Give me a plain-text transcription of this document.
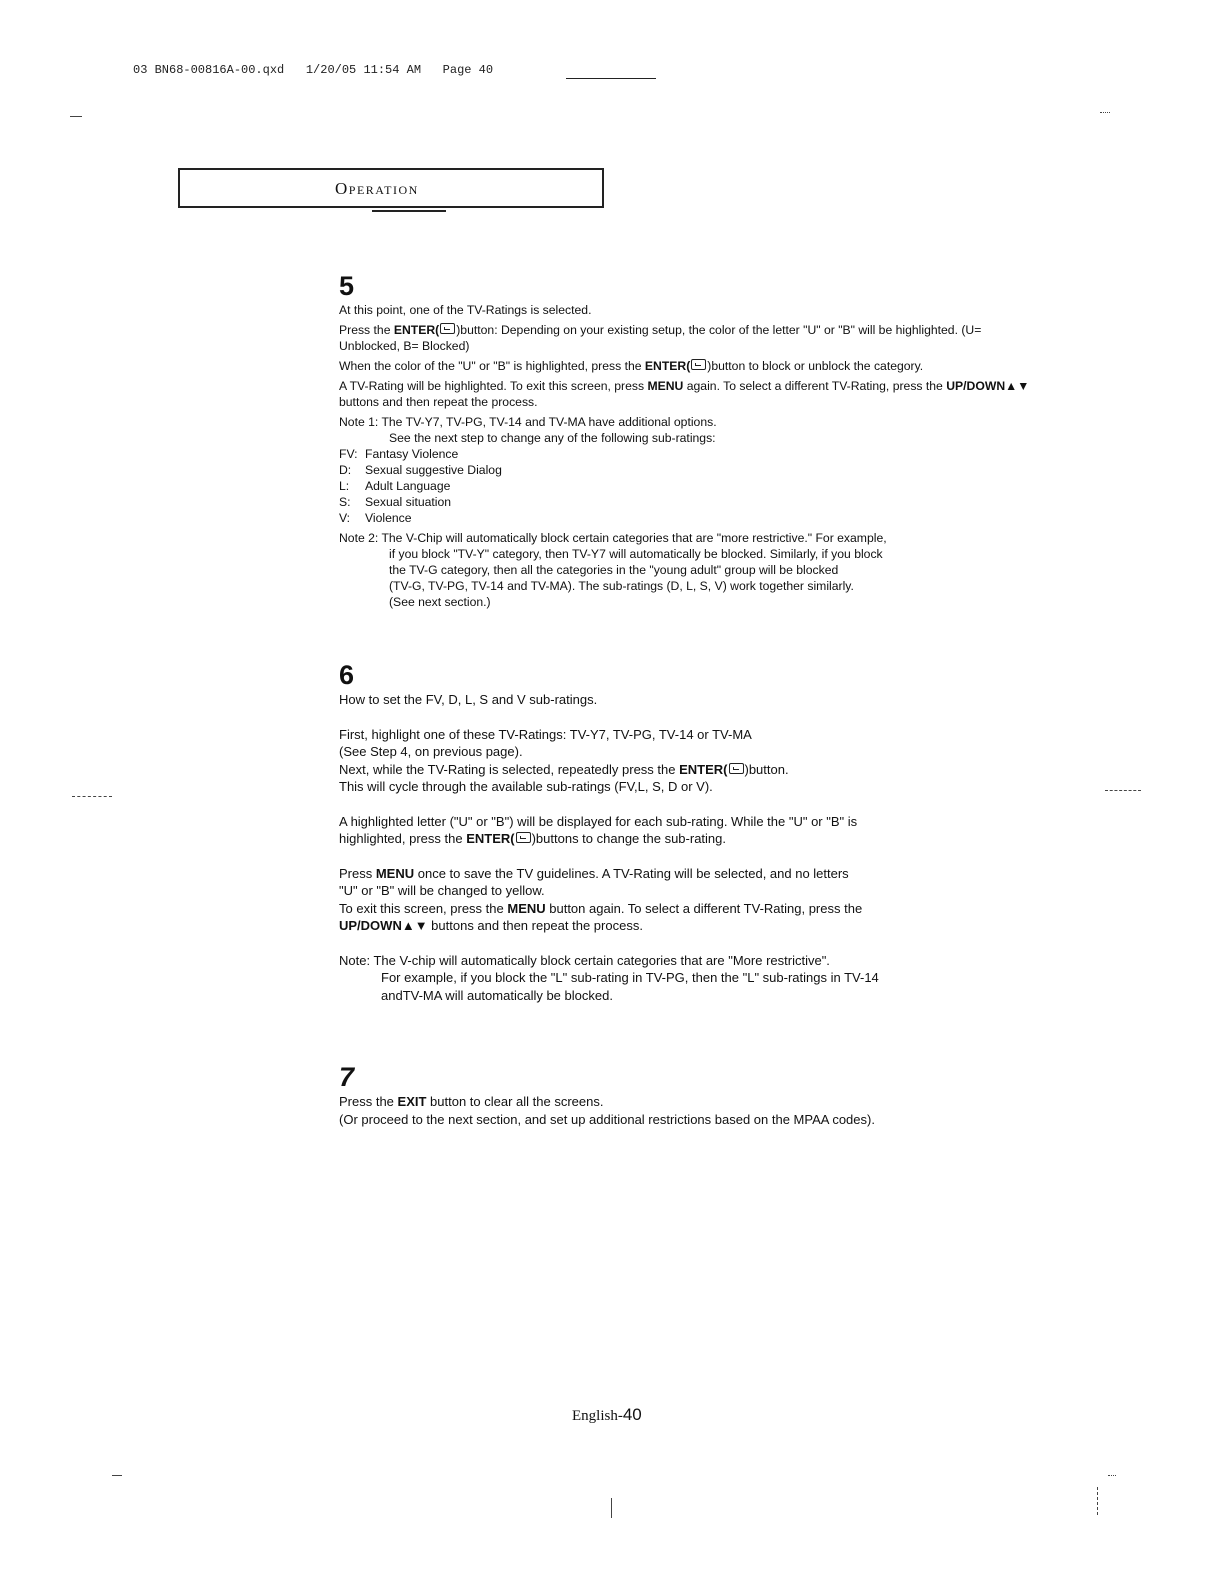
03 BN68-00816A-00.qxd 1/20/05 11:54 AM Page 40
Operation
5

At this point, one of the TV-Ratings is selected.

Press the ENTER( )button: Depending on your existing setup, the color of the letter "U" or "B" will be highlighted. (U= Unblocked, B= Blocked)

When the color of the "U" or "B" is highlighted, press the ENTER( )button to block or unblock the category.

A TV-Rating will be highlighted. To exit this screen, press MENU again. To select a different TV-Rating, press the UP/DOWN▲▼ buttons and then repeat the process.

Note 1: The TV-Y7, TV-PG, TV-14 and TV-MA have additional options.

See the next step to change any of the following sub-ratings:

FV: Fantasy Violence
D: Sexual suggestive Dialog
L: Adult Language
S: Sexual situation
V: Violence

Note 2: The V-Chip will automatically block certain categories that are "more restrictive." For example,

if you block "TV-Y" category, then TV-Y7 will automatically be blocked. Similarly, if you block

the TV-G category, then all the categories in the "young adult" group will be blocked

(TV-G, TV-PG, TV-14 and TV-MA). The sub-ratings (D, L, S, V) work together similarly.

(See next section.)

6

How to set the FV, D, L, S and V sub-ratings.

First, highlight one of these TV-Ratings: TV-Y7, TV-PG, TV-14 or TV-MA

(See Step 4, on previous page).

Next, while the TV-Rating is selected, repeatedly press the ENTER( )button.

This will cycle through the available sub-ratings (FV,L, S, D or V).

A highlighted letter ("U" or "B") will be displayed for each sub-rating. While the "U" or "B" is

highlighted, press the ENTER( )buttons to change the sub-rating.

Press MENU once to save the TV guidelines. A TV-Rating will be selected, and no letters

"U" or "B" will be changed to yellow.

To exit this screen, press the MENU button again. To select a different TV-Rating, press the

UP/DOWN▲▼ buttons and then repeat the process.

Note: The V-chip will automatically block certain categories that are "More restrictive".

For example, if you block the "L" sub-rating in TV-PG, then the "L" sub-ratings in TV-14

andTV-MA will automatically be blocked.

7

Press the EXIT button to clear all the screens.

(Or proceed to the next section, and set up additional restrictions based on the MPAA codes).

English-40
